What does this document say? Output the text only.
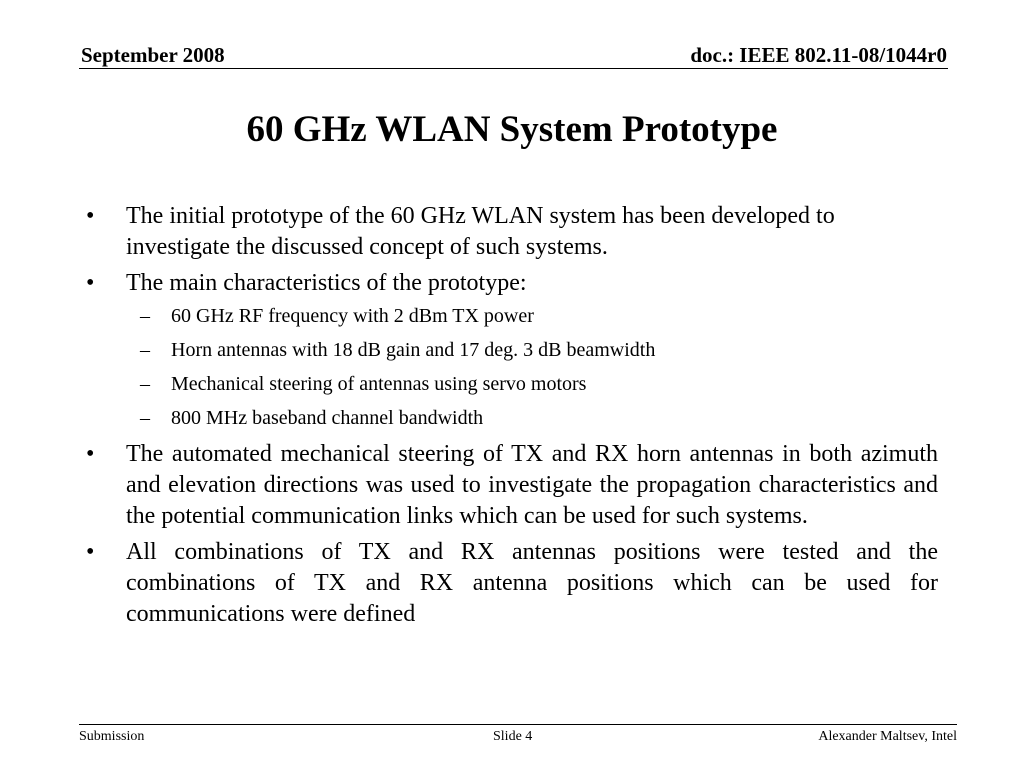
September 2008	doc.: IEEE 802.11-08/1044r0
60 GHz WLAN System Prototype
•	The initial prototype of the 60 GHz WLAN system has been developed to investigate the discussed concept of such systems.
•	The main characteristics of the prototype:
– 60 GHz RF frequency with 2 dBm TX power
– Horn antennas with 18 dB gain and 17 deg. 3 dB beamwidth
– Mechanical steering of antennas using servo motors
– 800 MHz baseband channel bandwidth
•	The automated mechanical steering of TX and RX horn antennas in both azimuth and elevation directions was used to investigate the propagation characteristics and the potential communication links which can be used for such systems.
•	All combinations of TX and RX antennas positions were tested and the combinations of TX and RX antenna positions which can be used for communications were defined
Submission	Slide 4	Alexander Maltsev, Intel
